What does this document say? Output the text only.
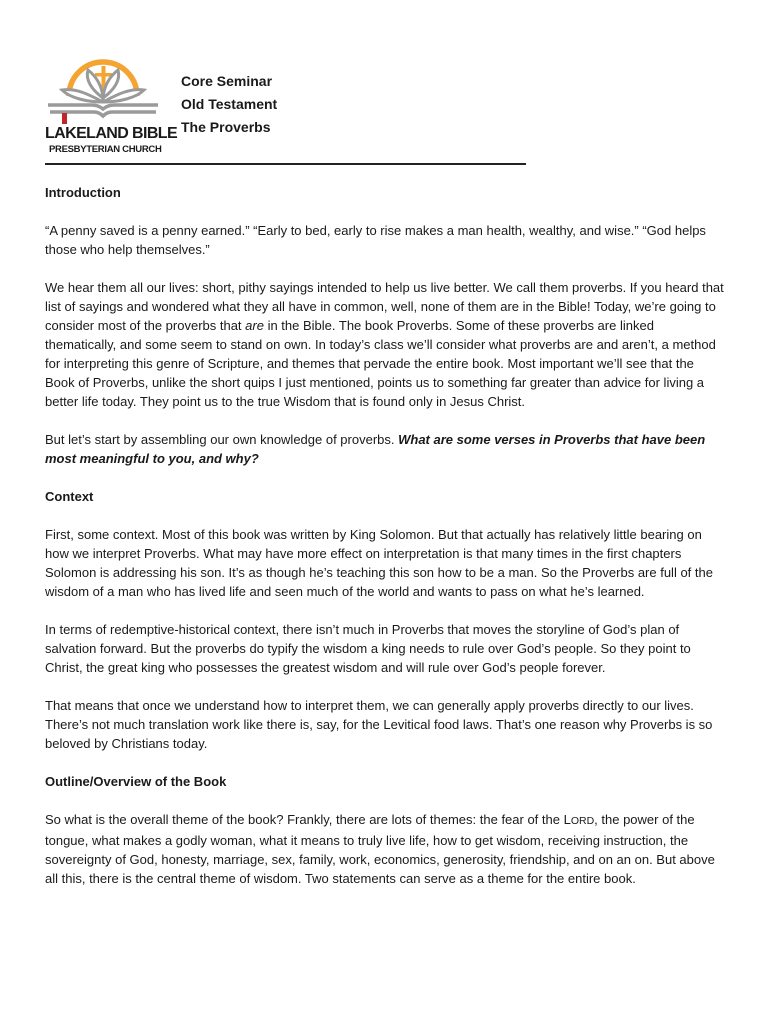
LAKELAND BIBLE
PRESBYTERIAN CHURCH
Core Seminar
Old Testament
The Proverbs
Introduction

“A penny saved is a penny earned.” “Early to bed, early to rise makes a man health, wealthy, and wise.” “God helps those who help themselves.”

We hear them all our lives: short, pithy sayings intended to help us live better. We call them proverbs. If you heard that list of sayings and wondered what they all have in common, well, none of them are in the Bible! Today, we’re going to consider most of the proverbs that are in the Bible. The book Proverbs. Some of these proverbs are linked thematically, and some seem to stand on own. In today’s class we’ll consider what proverbs are and aren’t, a method for interpreting this genre of Scripture, and themes that pervade the entire book. Most important we’ll see that the Book of Proverbs, unlike the short quips I just mentioned, points us to something far greater than advice for living a better life today. They point us to the true Wisdom that is found only in Jesus Christ.

But let’s start by assembling our own knowledge of proverbs. What are some verses in Proverbs that have been most meaningful to you, and why?

Context

First, some context. Most of this book was written by King Solomon. But that actually has relatively little bearing on how we interpret Proverbs. What may have more effect on interpretation is that many times in the first chapters Solomon is addressing his son. It’s as though he’s teaching this son how to be a man. So the Proverbs are full of the wisdom of a man who has lived life and seen much of the world and wants to pass on what he’s learned.

In terms of redemptive-historical context, there isn’t much in Proverbs that moves the storyline of God’s plan of salvation forward. But the proverbs do typify the wisdom a king needs to rule over God’s people. So they point to Christ, the great king who possesses the greatest wisdom and will rule over God’s people forever.

That means that once we understand how to interpret them, we can generally apply proverbs directly to our lives. There’s not much translation work like there is, say, for the Levitical food laws. That’s one reason why Proverbs is so beloved by Christians today.

Outline/Overview of the Book

So what is the overall theme of the book? Frankly, there are lots of themes: the fear of the LORD, the power of the tongue, what makes a godly woman, what it means to truly live life, how to get wisdom, receiving instruction, the sovereignty of God, honesty, marriage, sex, family, work, economics, generosity, friendship, and on an on. But above all this, there is the central theme of wisdom. Two statements can serve as a theme for the entire book.
